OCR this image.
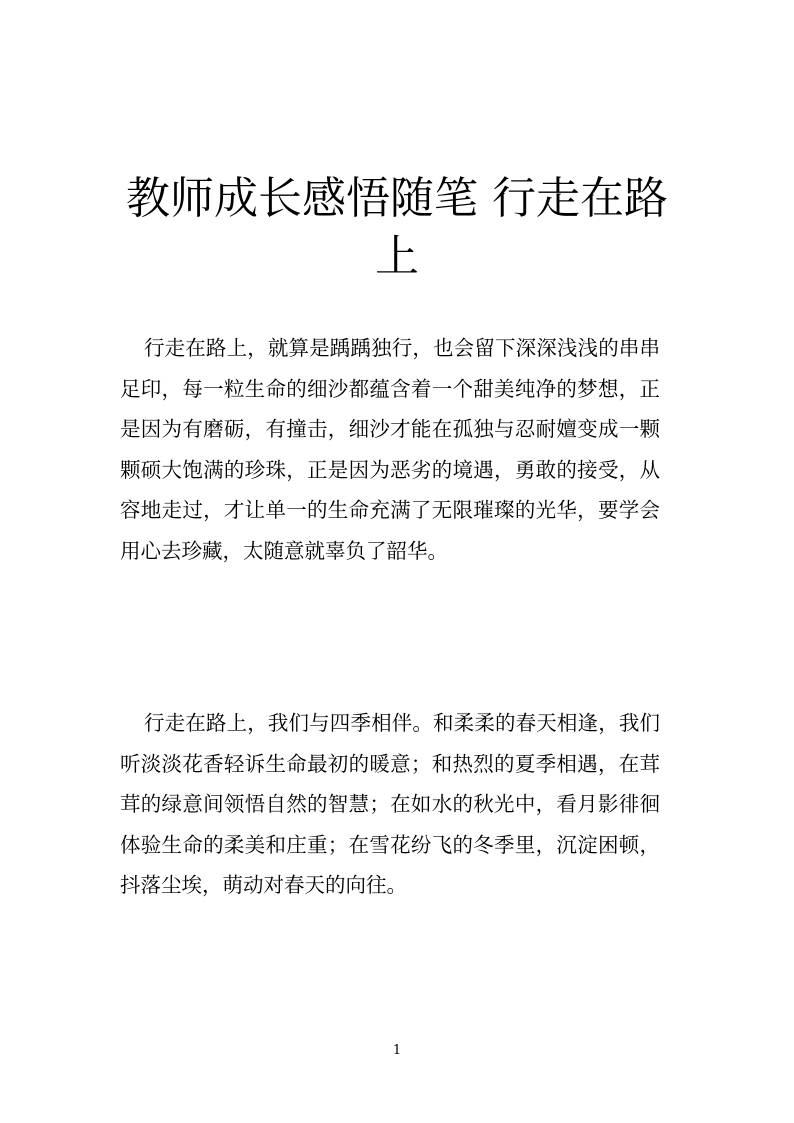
教师成长感悟随笔 行走在路上

行走在路上，就算是踽踽独行，也会留下深深浅浅的串串足印，每一粒生命的细沙都蕴含着一个甜美纯净的梦想，正是因为有磨砺，有撞击，细沙才能在孤独与忍耐嬗变成一颗颗硕大饱满的珍珠，正是因为恶劣的境遇，勇敢的接受，从容地走过，才让单一的生命充满了无限璀璨的光华，要学会用心去珍藏，太随意就辜负了韶华。

行走在路上，我们与四季相伴。和柔柔的春天相逢，我们听淡淡花香轻诉生命最初的暖意；和热烈的夏季相遇，在茸茸的绿意间领悟自然的智慧；在如水的秋光中，看月影徘徊体验生命的柔美和庄重；在雪花纷飞的冬季里，沉淀困顿，抖落尘埃，萌动对春天的向往。

1
